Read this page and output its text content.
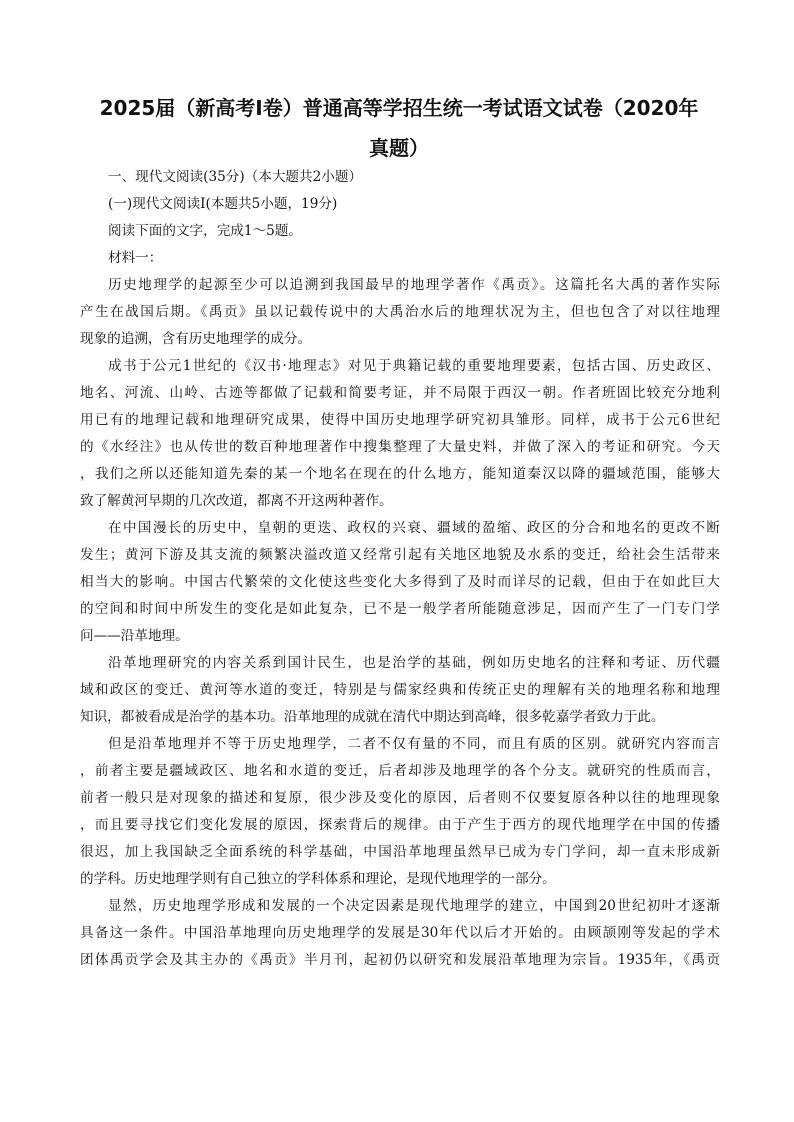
2025届（新高考Ⅰ卷）普通高等学招生统一考试语文试卷（2020年
真题）
一、现代文阅读(35分)（本大题共2小题）
(一)现代文阅读Ⅰ(本题共5小题，19分)
阅读下面的文字，完成1～5题。
材料一：
历史地理学的起源至少可以追溯到我国最早的地理学著作《禹贡》。这篇托名大禹的著作实际
产生在战国后期。《禹贡》虽以记载传说中的大禹治水后的地理状况为主，但也包含了对以往地理
现象的追溯，含有历史地理学的成分。
成书于公元1世纪的《汉书·地理志》对见于典籍记载的重要地理要素，包括古国、历史政区、
地名、河流、山岭、古迹等都做了记载和简要考证，并不局限于西汉一朝。作者班固比较充分地利
用已有的地理记载和地理研究成果，使得中国历史地理学研究初具雏形。同样，成书于公元6世纪
的《水经注》也从传世的数百种地理著作中搜集整理了大量史料，并做了深入的考证和研究。今天
，我们之所以还能知道先秦的某一个地名在现在的什么地方，能知道秦汉以降的疆域范围，能够大
致了解黄河早期的几次改道，都离不开这两种著作。
在中国漫长的历史中，皇朝的更迭、政权的兴衰、疆域的盈缩、政区的分合和地名的更改不断
发生；黄河下游及其支流的频繁决溢改道又经常引起有关地区地貌及水系的变迁，给社会生活带来
相当大的影响。中国古代繁荣的文化使这些变化大多得到了及时而详尽的记载，但由于在如此巨大
的空间和时间中所发生的变化是如此复杂，已不是一般学者所能随意涉足，因而产生了一门专门学
问——沿革地理。
沿革地理研究的内容关系到国计民生，也是治学的基础，例如历史地名的注释和考证、历代疆
域和政区的变迁、黄河等水道的变迁，特别是与儒家经典和传统正史的理解有关的地理名称和地理
知识，都被看成是治学的基本功。沿革地理的成就在清代中期达到高峰，很多乾嘉学者致力于此。
但是沿革地理并不等于历史地理学，二者不仅有量的不同，而且有质的区别。就研究内容而言
，前者主要是疆域政区、地名和水道的变迁，后者却涉及地理学的各个分支。就研究的性质而言，
前者一般只是对现象的描述和复原，很少涉及变化的原因，后者则不仅要复原各种以往的地理现象
，而且要寻找它们变化发展的原因，探索背后的规律。由于产生于西方的现代地理学在中国的传播
很迟，加上我国缺乏全面系统的科学基础，中国沿革地理虽然早已成为专门学问，却一直未形成新
的学科。历史地理学则有自己独立的学科体系和理论，是现代地理学的一部分。
显然，历史地理学形成和发展的一个决定因素是现代地理学的建立，中国到20世纪初叶才逐渐
具备这一条件。中国沿革地理向历史地理学的发展是30年代以后才开始的。由顾颉刚等发起的学术
团体禹贡学会及其主办的《禹贡》半月刊，起初仍以研究和发展沿革地理为宗旨。1935年，《禹贡
